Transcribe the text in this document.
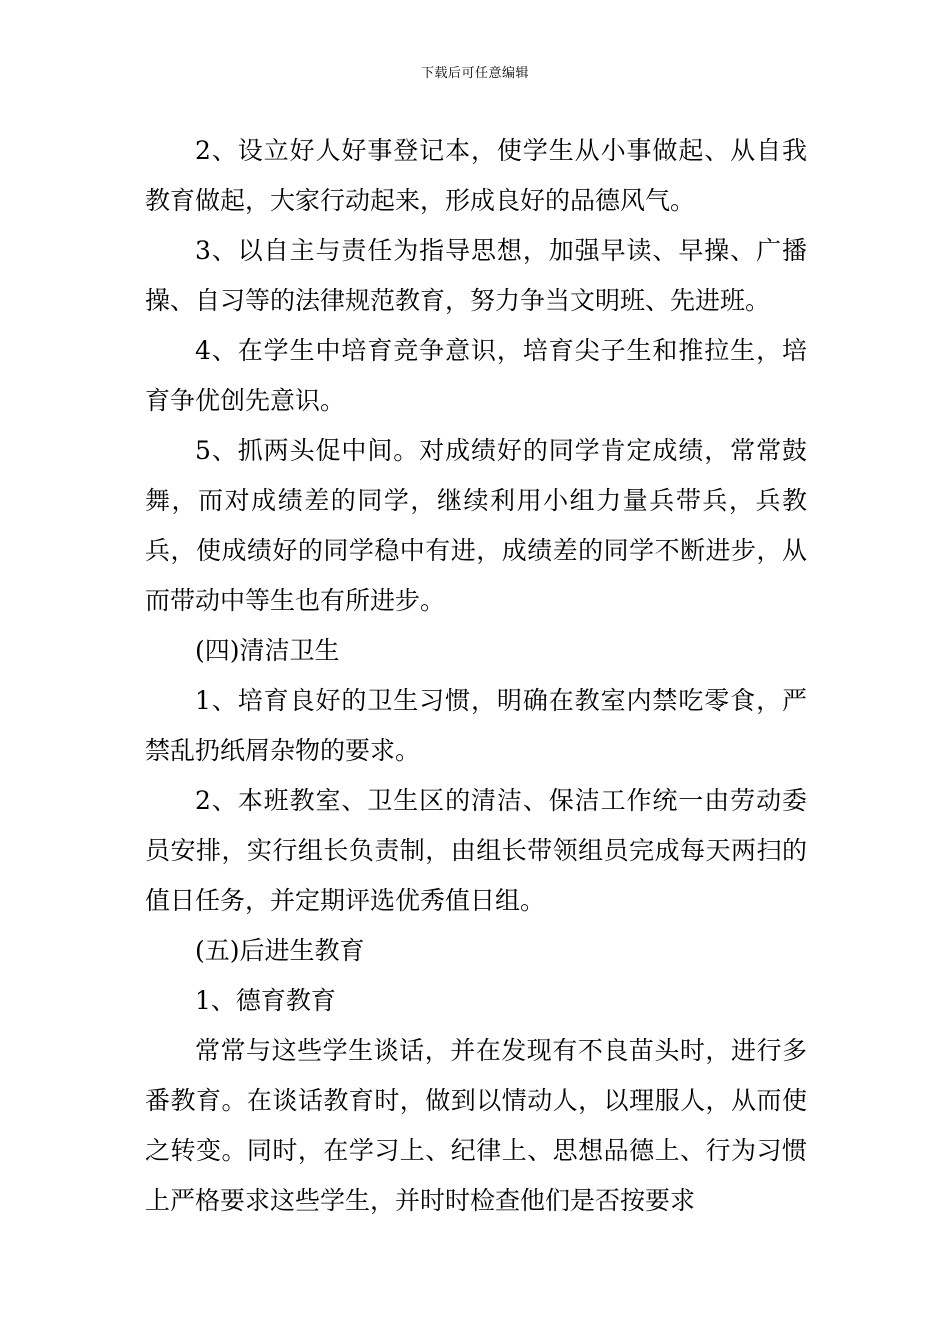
下载后可任意编辑

2、设立好人好事登记本，使学生从小事做起、从自我教育做起，大家行动起来，形成良好的品德风气。

3、以自主与责任为指导思想，加强早读、早操、广播操、自习等的法律规范教育，努力争当文明班、先进班。

4、在学生中培育竞争意识，培育尖子生和推拉生，培育争优创先意识。

5、抓两头促中间。对成绩好的同学肯定成绩，常常鼓舞，而对成绩差的同学，继续利用小组力量兵带兵，兵教兵，使成绩好的同学稳中有进，成绩差的同学不断进步，从而带动中等生也有所进步。

(四)清洁卫生

1、培育良好的卫生习惯，明确在教室内禁吃零食，严禁乱扔纸屑杂物的要求。

2、本班教室、卫生区的清洁、保洁工作统一由劳动委员安排，实行组长负责制，由组长带领组员完成每天两扫的值日任务，并定期评选优秀值日组。

(五)后进生教育

1、德育教育

常常与这些学生谈话，并在发现有不良苗头时，进行多番教育。在谈话教育时，做到以情动人，以理服人，从而使之转变。同时，在学习上、纪律上、思想品德上、行为习惯上严格要求这些学生，并时时检查他们是否按要求
